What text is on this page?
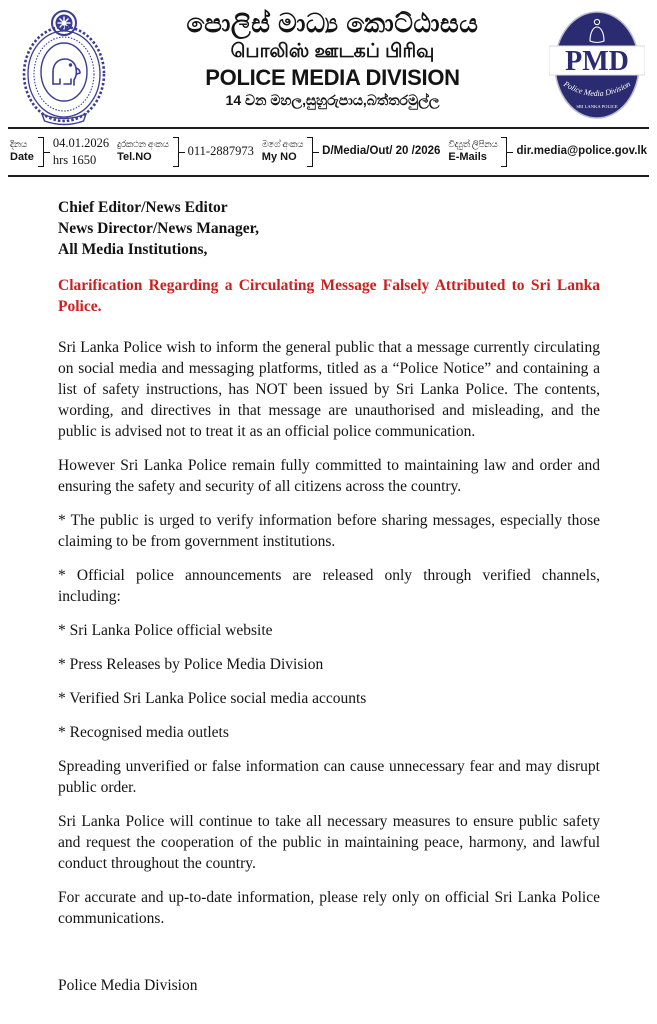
පොලිස් මාධ්‍ය කොට්ඨාසය
பொலிஸ் ஊடகப் பிரிவு
POLICE MEDIA DIVISION
14 වන මහල,සුහුරුපාය,බත්තරමුල්ල
PMD
Police Media Division
SRI LANKA POLICE
දිනය
Date
04.01.2026
hrs 1650
දුරකථන අංකය
Tel.NO	011-2887973
මගේ අංකය
My NO
D/Media/Out/ 20 /2026
විද්‍යුත් ලිපිනය
E-Mails
dir.media@police.gov.lk
Chief Editor/News Editor
News Director/News Manager,
All Media Institutions,

Clarification Regarding a Circulating Message Falsely Attributed to Sri Lanka Police.

Sri Lanka Police wish to inform the general public that a message currently circulating on social media and messaging platforms, titled as a “Police Notice” and containing a list of safety instructions, has NOT been issued by Sri Lanka Police. The contents, wording, and directives in that message are unauthorised and misleading, and the public is advised not to treat it as an official police communication.

However Sri Lanka Police remain fully committed to maintaining law and order and ensuring the safety and security of all citizens across the country.

* The public is urged to verify information before sharing messages, especially those claiming to be from government institutions.

* Official police announcements are released only through verified channels, including:

* Sri Lanka Police official website

* Press Releases by Police Media Division

* Verified Sri Lanka Police social media accounts

* Recognised media outlets

Spreading unverified or false information can cause unnecessary fear and may disrupt public order.

Sri Lanka Police will continue to take all necessary measures to ensure public safety and request the cooperation of the public in maintaining peace, harmony, and lawful conduct throughout the country.

For accurate and up-to-date information, please rely only on official Sri Lanka Police communications.

Police Media Division
